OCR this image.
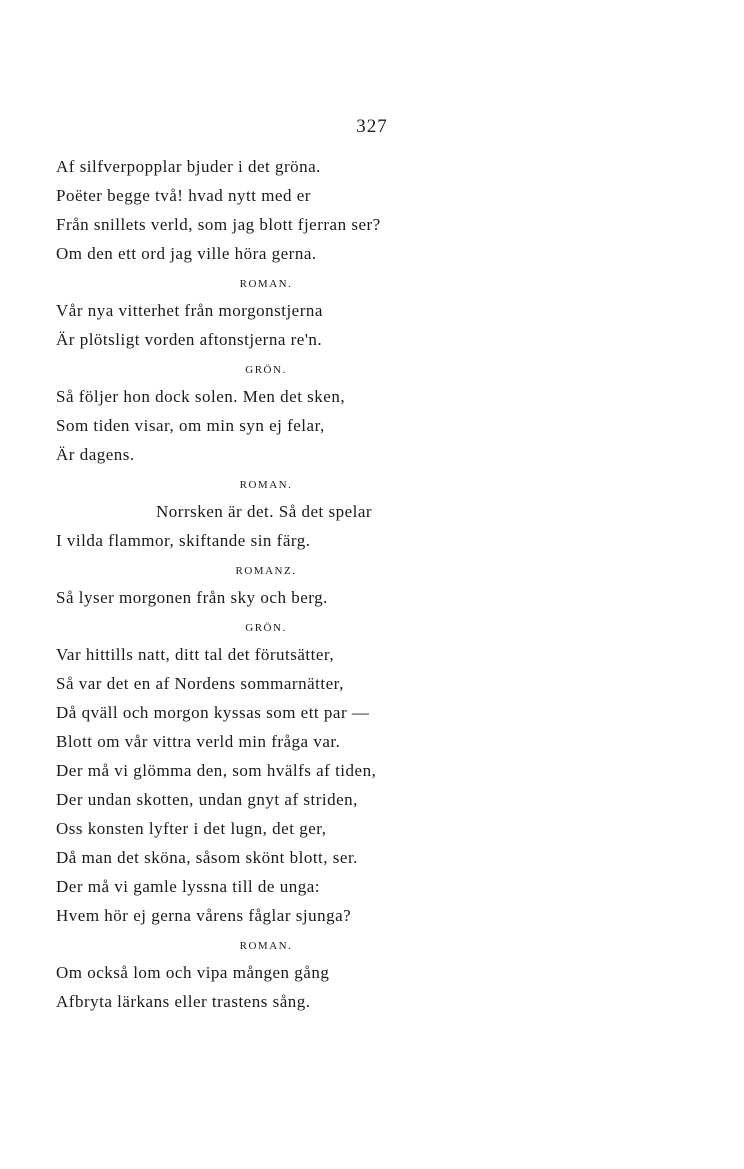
327
Af silfverpopplar bjuder i det gröna.
Poëter begge två! hvad nytt med er
Från snillets verld, som jag blott fjerran ser?
Om den ett ord jag ville höra gerna.
ROMAN.
Vår nya vitterhet från morgonstjerna
Är plötsligt vorden aftonstjerna re'n.
GRÖN.
Så följer hon dock solen. Men det sken,
Som tiden visar, om min syn ej felar,
Är dagens.
ROMAN.
Norrsken är det. Så det spelar
I vilda flammor, skiftande sin färg.
ROMANZ.
Så lyser morgonen från sky och berg.
GRÖN.
Var hittills natt, ditt tal det förutsätter,
Så var det en af Nordens sommarnätter,
Då qväll och morgon kyssas som ett par —
Blott om vår vittra verld min fråga var.
Der må vi glömma den, som hvälfs af tiden,
Der undan skotten, undan gnyt af striden,
Oss konsten lyfter i det lugn, det ger,
Då man det sköna, såsom skönt blott, ser.
Der må vi gamle lyssna till de unga:
Hvem hör ej gerna vårens fåglar sjunga?
ROMAN.
Om också lom och vipa mången gång
Afbryta lärkans eller trastens sång.
